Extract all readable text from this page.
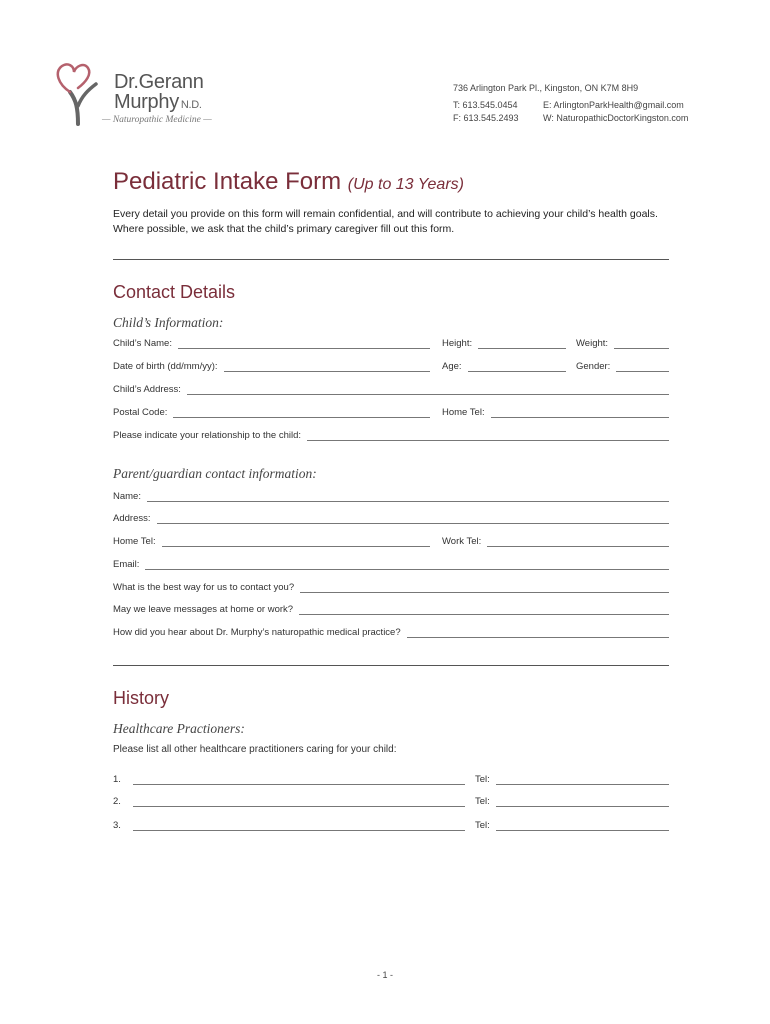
Dr.Gerann
Murphy N.D.
— Naturopathic Medicine —
736 Arlington Park Pl., Kingston, ON K7M 8H9
T: 613.545.0454	E: ArlingtonParkHealth@gmail.com
F: 613.545.2493	W: NaturopathicDoctorKingston.com
Pediatric Intake Form (Up to 13 Years)
Every detail you provide on this form will remain confidential, and will contribute to achieving your child’s health goals. Where possible, we ask that the child’s primary caregiver fill out this form.
Contact Details
Child’s Information:
Child’s Name:	Height:	Weight:
Date of birth (dd/mm/yy):	Age:	Gender:
Child’s Address:
Postal Code:	Home Tel:
Please indicate your relationship to the child:
Parent/guardian contact information:
Name:
Address:
Home Tel:	Work Tel:
Email:
What is the best way for us to contact you?
May we leave messages at home or work?
How did you hear about Dr. Murphy’s naturopathic medical practice?
History
Healthcare Practioners:
Please list all other healthcare practitioners caring for your child:
1.	Tel:
2.	Tel:
3.	Tel:
- 1 -
